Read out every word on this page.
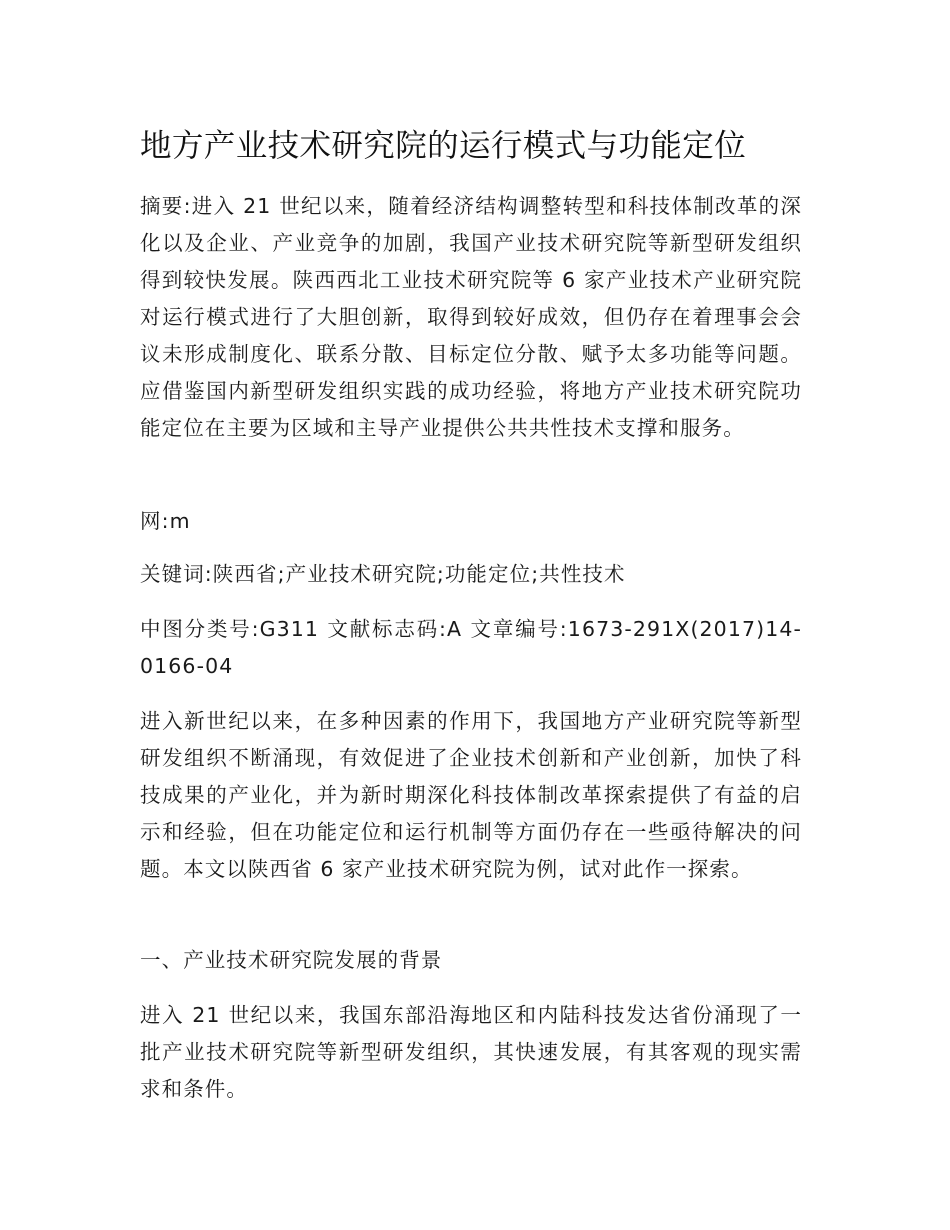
地方产业技术研究院的运行模式与功能定位

摘要:进入 21 世纪以来，随着经济结构调整转型和科技体制改革的深化以及企业、产业竞争的加剧，我国产业技术研究院等新型研发组织得到较快发展。陕西西北工业技术研究院等 6 家产业技术产业研究院对运行模式进行了大胆创新，取得到较好成效，但仍存在着理事会会议未形成制度化、联系分散、目标定位分散、赋予太多功能等问题。应借鉴国内新型研发组织实践的成功经验，将地方产业技术研究院功能定位在主要为区域和主导产业提供公共共性技术支撑和服务。

网:m

关键词:陕西省;产业技术研究院;功能定位;共性技术

中图分类号:G311 文献标志码:A 文章编号:1673-291X(2017)14-0166-04

进入新世纪以来，在多种因素的作用下，我国地方产业研究院等新型研发组织不断涌现，有效促进了企业技术创新和产业创新，加快了科技成果的产业化，并为新时期深化科技体制改革探索提供了有益的启示和经验，但在功能定位和运行机制等方面仍存在一些亟待解决的问题。本文以陕西省 6 家产业技术研究院为例，试对此作一探索。

一、产业技术研究院发展的背景

进入 21 世纪以来，我国东部沿海地区和内陆科技发达省份涌现了一批产业技术研究院等新型研发组织，其快速发展，有其客观的现实需求和条件。
